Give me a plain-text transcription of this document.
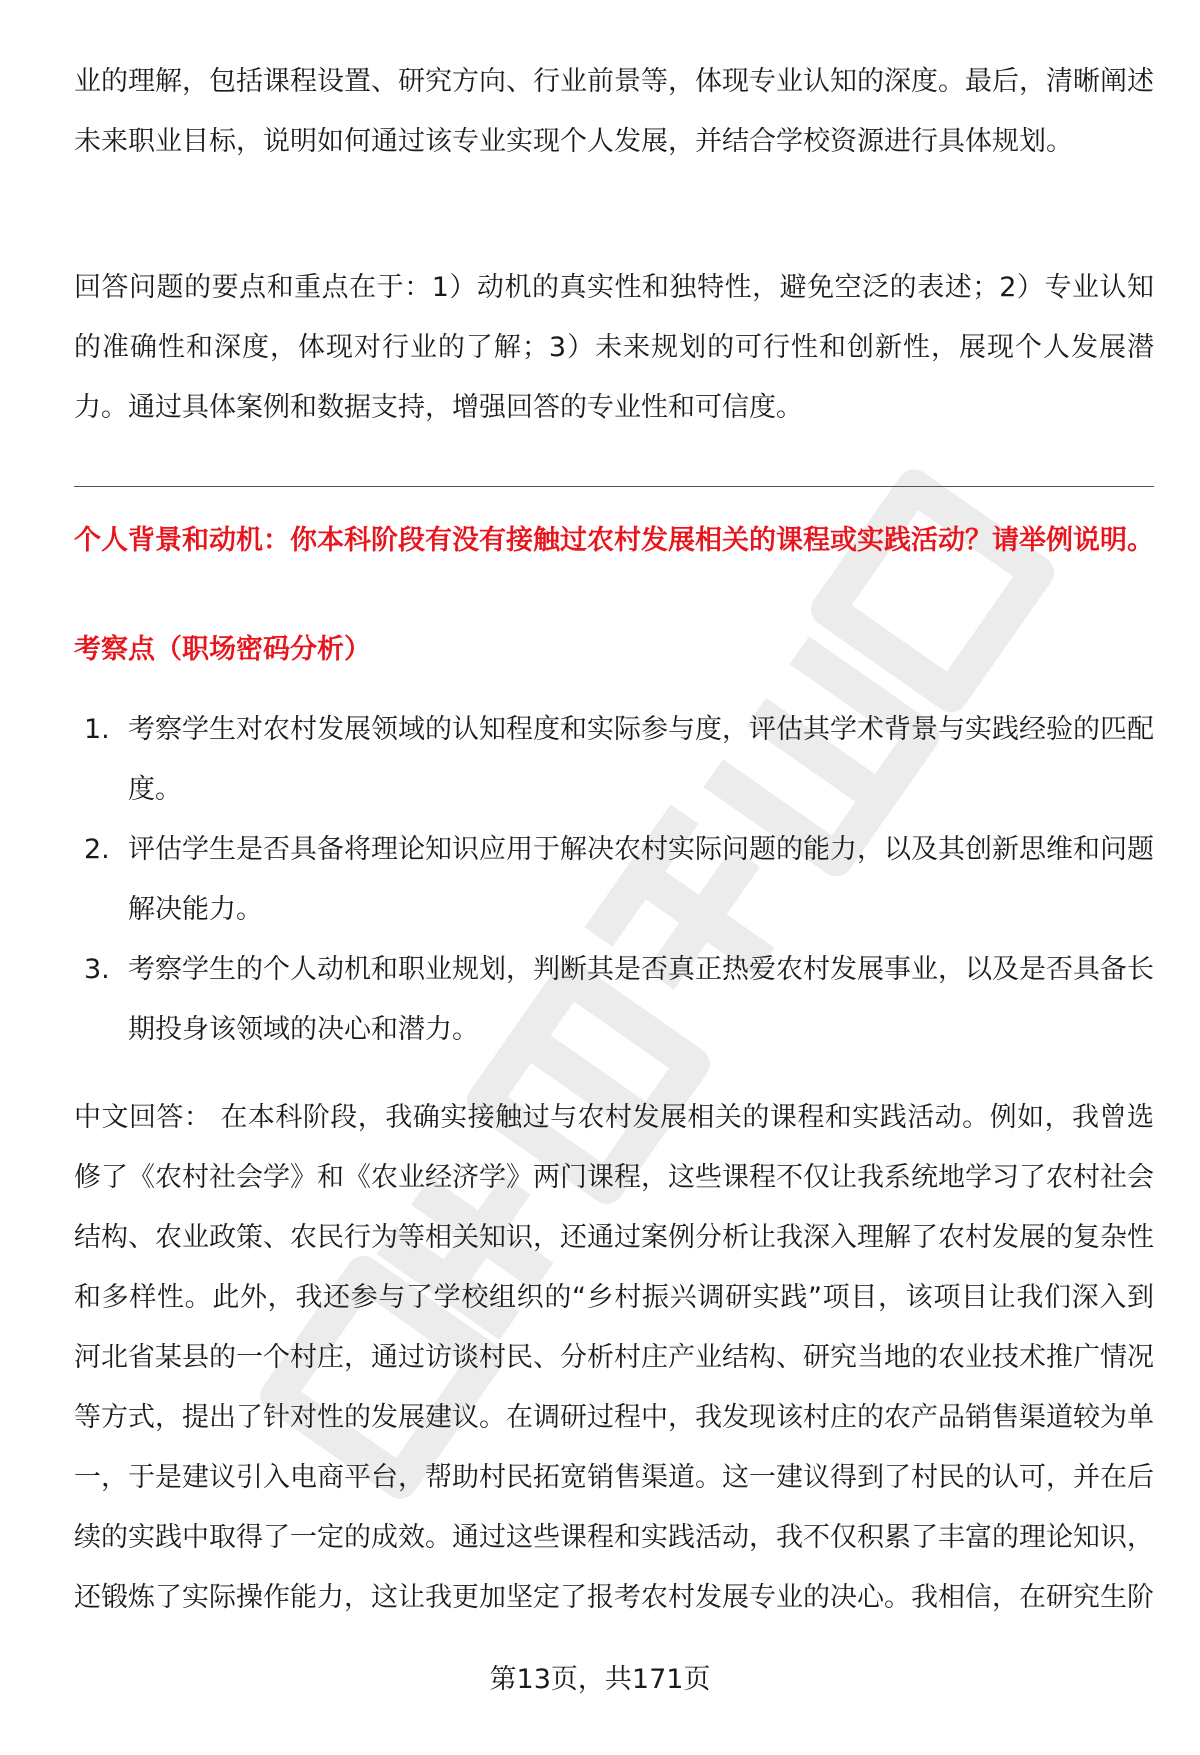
业的理解，包括课程设置、研究方向、行业前景等，体现专业认知的深度。最后，清晰阐述未来职业目标，说明如何通过该专业实现个人发展，并结合学校资源进行具体规划。

回答问题的要点和重点在于：1）动机的真实性和独特性，避免空泛的表述；2）专业认知的准确性和深度，体现对行业的了解；3）未来规划的可行性和创新性，展现个人发展潜力。通过具体案例和数据支持，增强回答的专业性和可信度。

个人背景和动机：你本科阶段有没有接触过农村发展相关的课程或实践活动？请举例说明。

考察点（职场密码分析）

1. 考察学生对农村发展领域的认知程度和实际参与度，评估其学术背景与实践经验的匹配度。
2. 评估学生是否具备将理论知识应用于解决农村实际问题的能力，以及其创新思维和问题解决能力。
3. 考察学生的个人动机和职业规划，判断其是否真正热爱农村发展事业，以及是否具备长期投身该领域的决心和潜力。

中文回答： 在本科阶段，我确实接触过与农村发展相关的课程和实践活动。例如，我曾选修了《农村社会学》和《农业经济学》两门课程，这些课程不仅让我系统地学习了农村社会结构、农业政策、农民行为等相关知识，还通过案例分析让我深入理解了农村发展的复杂性和多样性。此外，我还参与了学校组织的“乡村振兴调研实践”项目，该项目让我们深入到河北省某县的一个村庄，通过访谈村民、分析村庄产业结构、研究当地的农业技术推广情况等方式，提出了针对性的发展建议。在调研过程中，我发现该村庄的农产品销售渠道较为单一，于是建议引入电商平台，帮助村民拓宽销售渠道。这一建议得到了村民的认可，并在后续的实践中取得了一定的成效。通过这些课程和实践活动，我不仅积累了丰富的理论知识，还锻炼了实际操作能力，这让我更加坚定了报考农村发展专业的决心。我相信，在研究生阶

第13页，共171页
